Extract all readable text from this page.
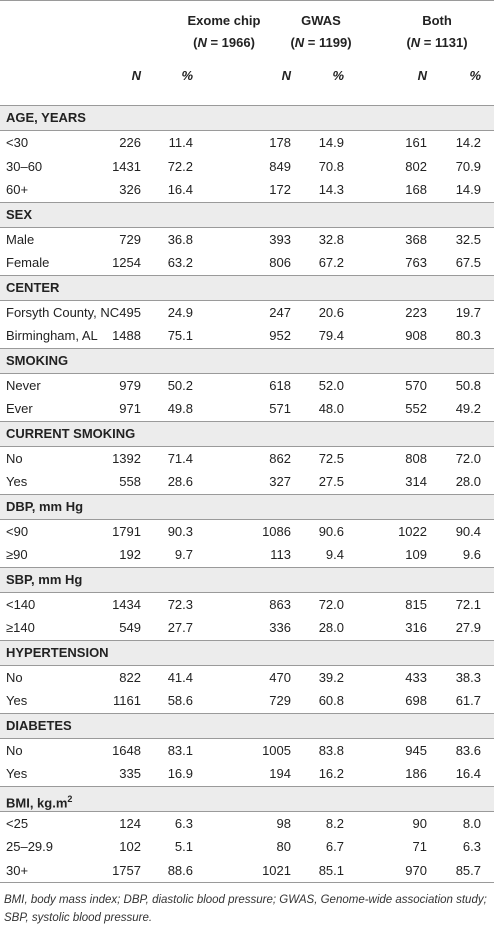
Exome chip
(N = 1966)
GWAS
(N = 1199)
Both
(N = 1131)
N	%	N	%	N	%
AGE, YEARS
<30	226 11.4	178 14.9	161 14.2
30–60	1431 72.2	849 70.8	802 70.9
60+	326 16.4	172 14.3	168 14.9
SEX
Male	729 36.8	393 32.8	368 32.5
Female	1254 63.2	806 67.2	763 67.5
CENTER
Forsyth County, NC 495 24.9	247 20.6	223 19.7
Birmingham, AL 1488 75.1	952 79.4	908 80.3
SMOKING
Never	979 50.2	618 52.0	570 50.8
Ever	971 49.8	571 48.0	552 49.2
CURRENT SMOKING
No	1392 71.4	862 72.5	808 72.0
Yes	558 28.6	327 27.5	314 28.0
DBP, mm Hg
<90	1791 90.3	1086 90.6	1022 90.4
≥90	192	9.7	113	9.4	109	9.6
SBP, mm Hg
<140	1434 72.3	863 72.0	815 72.1
≥140	549 27.7	336 28.0	316 27.9
HYPERTENSION
No	822 41.4	470 39.2	433 38.3
Yes	1161 58.6	729 60.8	698 61.7
DIABETES
No	1648 83.1	1005 83.8	945 83.6
Yes	335 16.9	194 16.2	186 16.4
BMI, $kg.m^2$
<25	124	6.3	98	8.2	90	8.0
25–29.9	102	5.1	80	6.7	71	6.3
30+	1757 88.6	1021 85.1	970 85.7
BMI, body mass index; DBP, diastolic blood pressure; GWAS, Genome-wide association study; SBP, systolic blood pressure.
